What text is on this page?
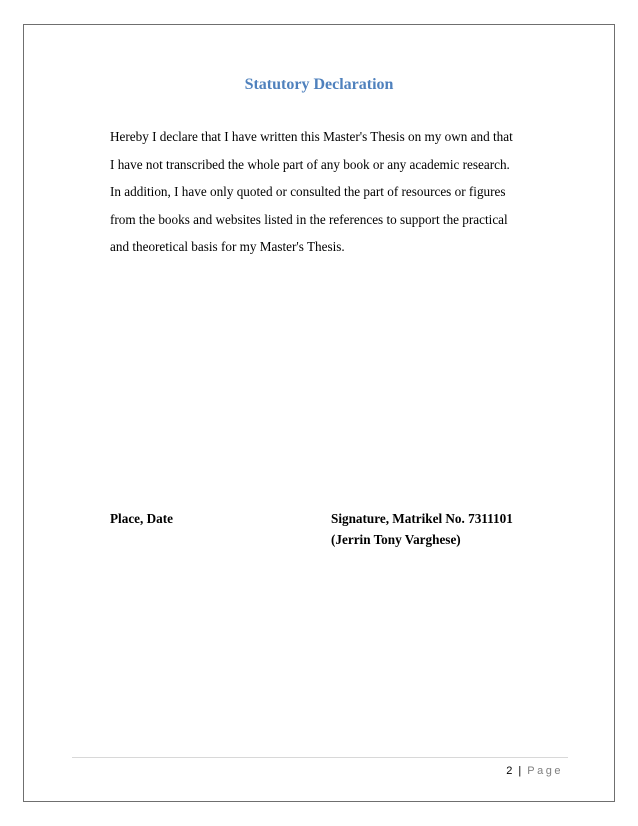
Statutory Declaration
Hereby I declare that I have written this Master's Thesis on my own and that
I have not transcribed the whole part of any book or any academic research.
In addition, I have only quoted or consulted the part of resources or figures
from the books and websites listed in the references to support the practical
and theoretical basis for my Master's Thesis.
Place, Date	Signature, Matrikel No. 7311101
(Jerrin Tony Varghese)
2 | Page
